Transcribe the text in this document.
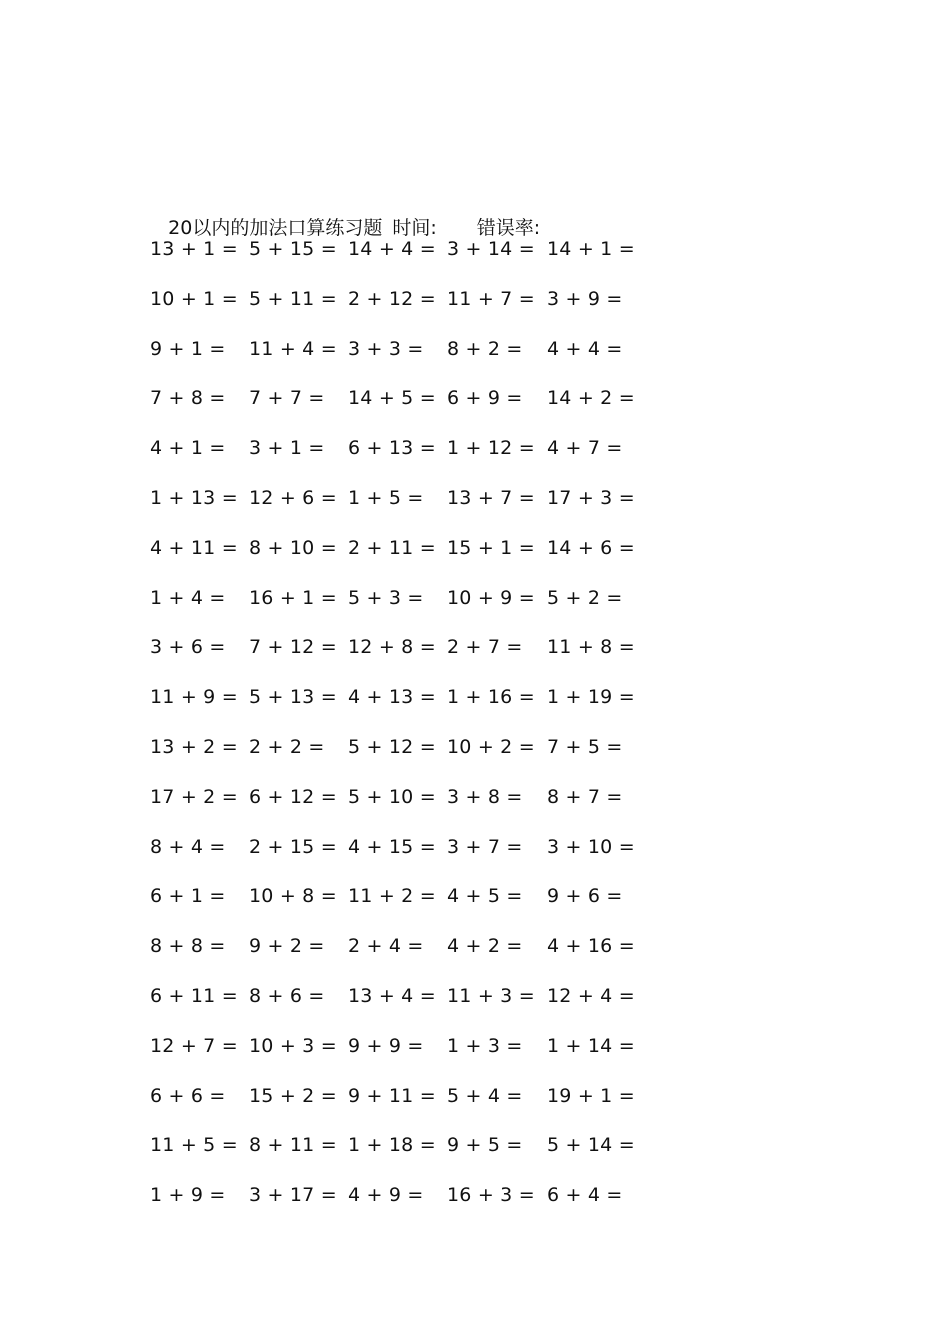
20以内的加法口算练习题 时间: 错误率:

13 + 1 = 5 + 15 = 14 + 4 = 3 + 14 = 14 + 1 =
10 + 1 = 5 + 11 = 2 + 12 = 11 + 7 = 3 + 9 =
9 + 1 = 11 + 4 = 3 + 3 = 8 + 2 = 4 + 4 =
7 + 8 = 7 + 7 = 14 + 5 = 6 + 9 = 14 + 2 =
4 + 1 = 3 + 1 = 6 + 13 = 1 + 12 = 4 + 7 =
1 + 13 = 12 + 6 = 1 + 5 = 13 + 7 = 17 + 3 =
4 + 11 = 8 + 10 = 2 + 11 = 15 + 1 = 14 + 6 =
1 + 4 = 16 + 1 = 5 + 3 = 10 + 9 = 5 + 2 =
3 + 6 = 7 + 12 = 12 + 8 = 2 + 7 = 11 + 8 =
11 + 9 = 5 + 13 = 4 + 13 = 1 + 16 = 1 + 19 =
13 + 2 = 2 + 2 = 5 + 12 = 10 + 2 = 7 + 5 =
17 + 2 = 6 + 12 = 5 + 10 = 3 + 8 = 8 + 7 =
8 + 4 = 2 + 15 = 4 + 15 = 3 + 7 = 3 + 10 =
6 + 1 = 10 + 8 = 11 + 2 = 4 + 5 = 9 + 6 =
8 + 8 = 9 + 2 = 2 + 4 = 4 + 2 = 4 + 16 =
6 + 11 = 8 + 6 = 13 + 4 = 11 + 3 = 12 + 4 =
12 + 7 = 10 + 3 = 9 + 9 = 1 + 3 = 1 + 14 =
6 + 6 = 15 + 2 = 9 + 11 = 5 + 4 = 19 + 1 =
11 + 5 = 8 + 11 = 1 + 18 = 9 + 5 = 5 + 14 =
1 + 9 = 3 + 17 = 4 + 9 = 16 + 3 = 6 + 4 =
